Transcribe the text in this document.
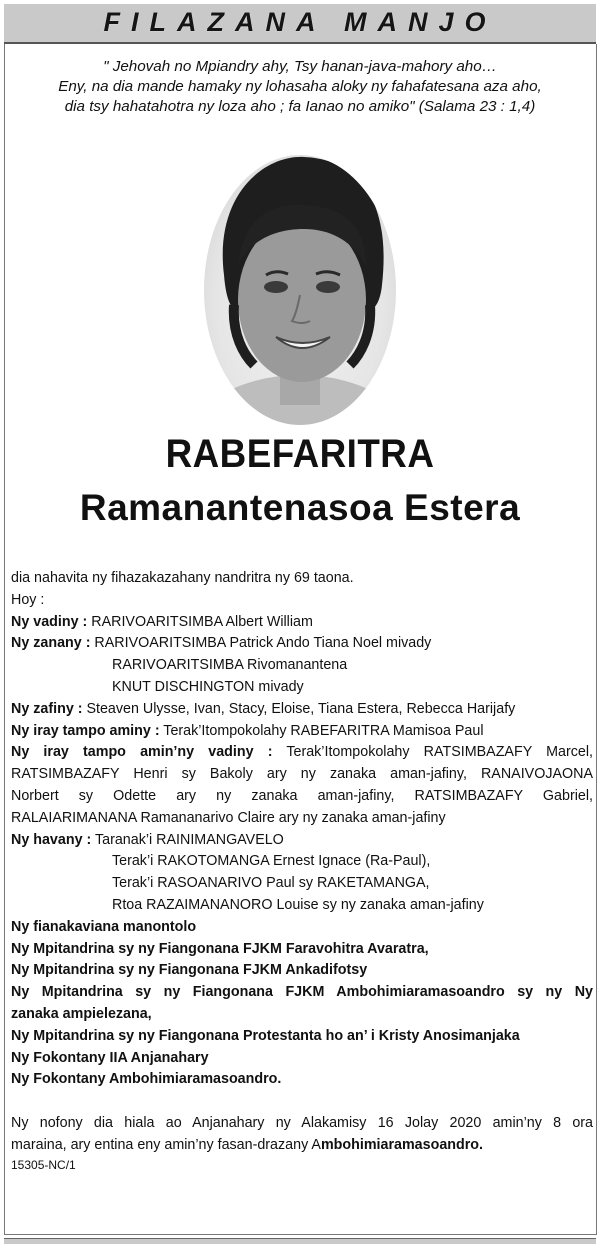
FILAZANA MANJO
" Jehovah no Mpiandry ahy, Tsy hanan-java-mahory aho…
Eny, na dia mande hamaky ny lohasaha aloky ny fahafatesana aza aho,
dia tsy hahatahotra ny loza aho ; fa Ianao no amiko" (Salama 23 : 1,4)
RABEFARITRA
Ramanantenasoa Estera
dia nahavita ny fihazakazahany nandritra ny 69 taona.
Hoy :
Ny vadiny : RARIVOARITSIMBA Albert William
Ny zanany : RARIVOARITSIMBA Patrick Ando Tiana Noel mivady
RARIVOARITSIMBA Rivomanantena
KNUT DISCHINGTON mivady
Ny zafiny : Steaven Ulysse, Ivan, Stacy, Eloise, Tiana Estera, Rebecca Harijafy
Ny iray tampo aminy : Terak’Itompokolahy RABEFARITRA Mamisoa Paul
Ny iray tampo amin’ny vadiny : Terak’Itompokolahy RATSIMBAZAFY Marcel,
RATSIMBAZAFY Henri sy Bakoly ary ny zanaka aman-jafiny, RANAIVOJAONA
Norbert sy Odette ary ny zanaka aman-jafiny, RATSIMBAZAFY Gabriel,
RALAIARIMANANA Ramananarivo Claire ary ny zanaka aman-jafiny
Ny havany : Taranak’i RAINIMANGAVELO
Terak’i RAKOTOMANGA Ernest Ignace (Ra-Paul),
Terak’i RASOANARIVO Paul sy RAKETAMANGA,
Rtoa RAZAIMANANORO Louise sy ny zanaka aman-jafiny
Ny fianakaviana manontolo
Ny Mpitandrina sy ny Fiangonana FJKM Faravohitra Avaratra,
Ny Mpitandrina sy ny Fiangonana FJKM Ankadifotsy
Ny Mpitandrina sy ny Fiangonana FJKM Ambohimiaramasoandro sy ny Ny
zanaka ampielezana,
Ny Mpitandrina sy ny Fiangonana Protestanta ho an’ i Kristy Anosimanjaka
Ny Fokontany IIA Anjanahary
Ny Fokontany Ambohimiaramasoandro.
Ny nofony dia hiala ao Anjanahary ny Alakamisy 16 Jolay 2020 amin’ny 8 ora
maraina, ary entina eny amin’ny fasan-drazany Ambohimiaramasoandro.
15305-NC/1
